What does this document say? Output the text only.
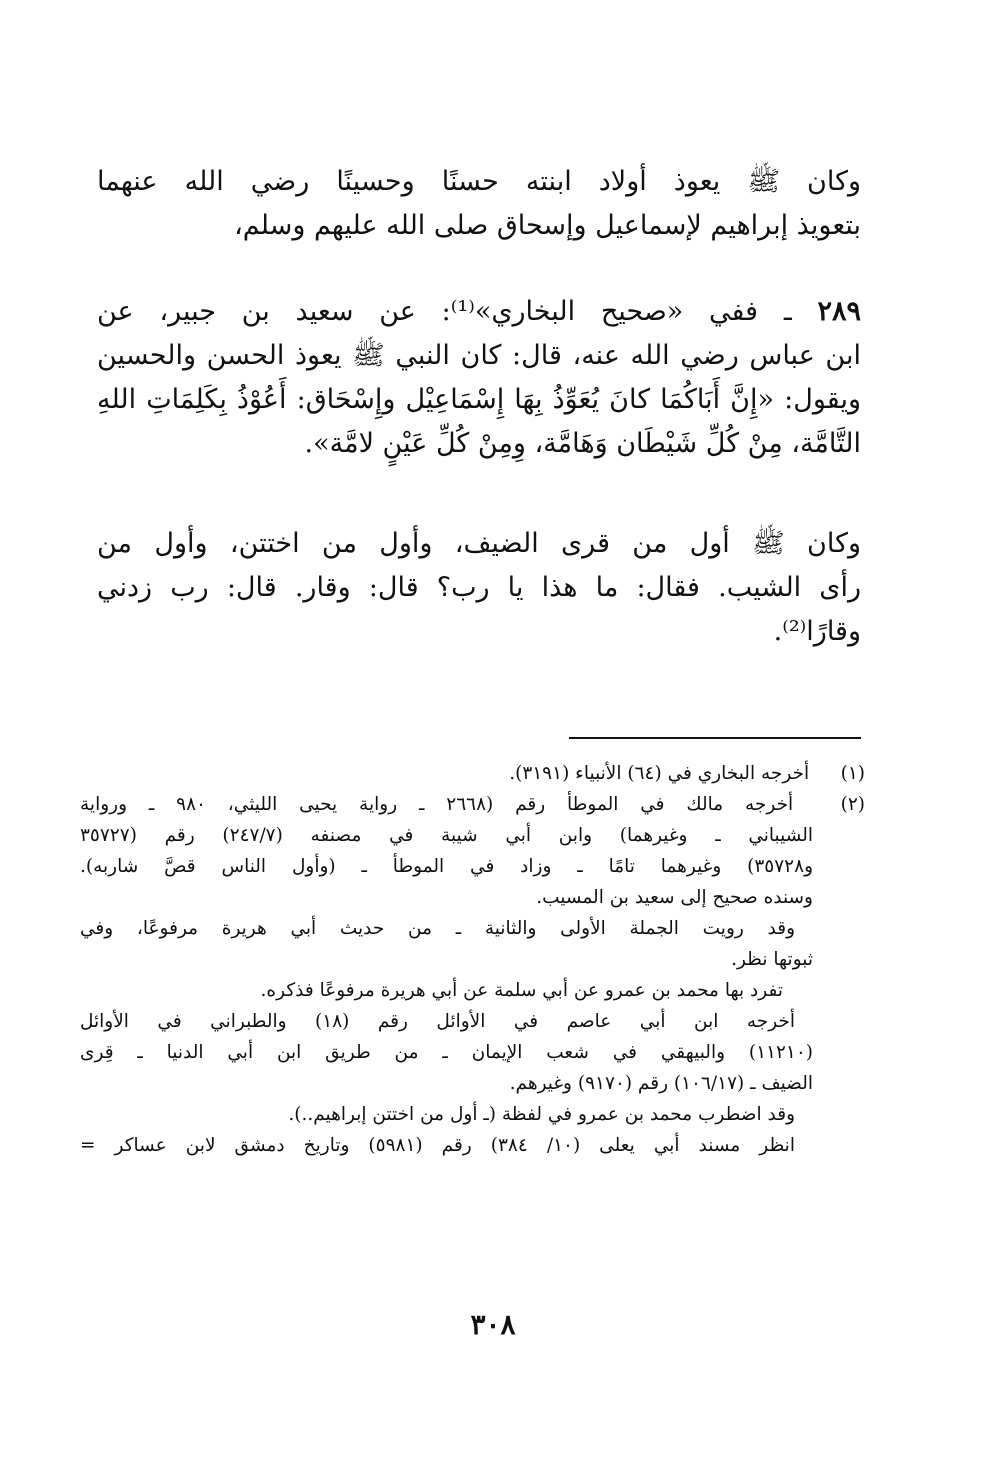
وكان ﷺ يعوذ أولاد ابنته حسنًا وحسينًا رضي الله عنهما
بتعويذ إبراهيم لإسماعيل وإسحاق صلى الله عليهم وسلم،
٢٨٩ ـ ففي «صحيح البخاري»⁽¹⁾: عن سعيد بن جبير، عن
ابن عباس رضي الله عنه، قال: كان النبي ﷺ يعوذ الحسن والحسين
ويقول: «إِنَّ أَبَاكُمَا كانَ يُعَوِّذُ بِهَا إِسْمَاعِيْل وإِسْحَاق: أَعُوْذُ بِكَلِمَاتِ اللهِ
التَّامَّة، مِنْ كُلِّ شَيْطَان وَهَامَّة، وِمِنْ كُلِّ عَيْنٍ لامَّة».
وكان ﷺ أول من قرى الضيف، وأول من اختتن، وأول من
رأى الشيب. فقال: ما هذا يا رب؟ قال: وقار. قال: رب زدني
وقارًا⁽²⁾.
(١) أخرجه البخاري في (٦٤) الأنبياء (٣١٩١).
(٢) أخرجه مالك في الموطأ رقم (٢٦٦٨ ـ رواية يحيى الليثي، ٩٨٠ ـ ورواية
الشيباني ـ وغيرهما) وابن أبي شيبة في مصنفه (٢٤٧/٧) رقم (٣٥٧٢٧
و٣٥٧٢٨) وغيرهما تامًا ـ وزاد في الموطأ ـ (وأول الناس قصَّ شاربه).
وسنده صحيح إلى سعيد بن المسيب.
وقد رويت الجملة الأولى والثانية ـ من حديث أبي هريرة مرفوعًا، وفي
ثبوتها نظر.
تفرد بها محمد بن عمرو عن أبي سلمة عن أبي هريرة مرفوعًا فذكره.
أخرجه ابن أبي عاصم في الأوائل رقم (١٨) والطبراني في الأوائل
(١١٢١٠) والبيهقي في شعب الإيمان ـ من طريق ابن أبي الدنيا ـ قِرى
الضيف ـ (١٠٦/١٧) رقم (٩١٧٠) وغيرهم.
وقد اضطرب محمد بن عمرو في لفظة (ـ أول من اختتن إبراهيم..).
انظر مسند أبي يعلى (١٠/ ٣٨٤) رقم (٥٩٨١) وتاريخ دمشق لابن عساكر =
٣٠٨
